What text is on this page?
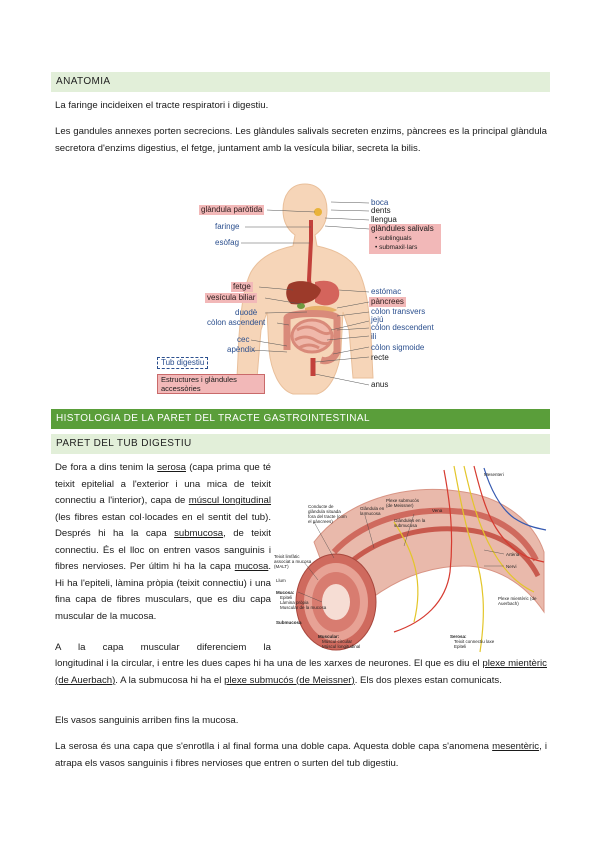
ANATOMIA

La faringe incideixen el tracte respiratori i digestiu.

Les gandules annexes porten secrecions. Les glàndules salivals secreten enzims, pàncrees es la principal glàndula secretora d'enzims digestius, el fetge, juntament amb la vesícula biliar, secreta la bilis.

glàndula paròtida
faringe
esòfag
fetge
vesícula biliar
duodè
còlon ascendent
cec
apèndix
boca
dents
llengua
glàndules salivals
• sublinguals
• submaxil·lars
estómac
pàncrees
còlon transvers
jejú
còlon descendent
ili
còlon sigmoide
recte
anus
Tub digestiu
Estructures i glàndules accessòries
HISTOLOGIA DE LA PARET DEL TRACTE GASTROINTESTINAL
PARET DEL TUB DIGESTIU

De fora a dins tenim la serosa (capa prima que té teixit epitelial a l'exterior i una mica de teixit connectiu a l'interior), capa de múscul longitudinal (les fibres estan col·locades en el sentit del tub). Després hi ha la capa submucosa, de teixit connectiu. És el lloc on entren vasos sanguinis i fibres nervioses. Per últim hi ha la capa mucosa. Hi ha l'epiteli, làmina pròpia (teixit connectiu) i una fina capa de fibres musculars, que es diu capa muscular de la mucosa.

Mesenteri
Plexe submucós (de Meissner)
Vena
Conducte de glàndula situada fora del tracte (com el pàncrees)
Glàndula en la mucosa
Glàndules en la submucosa
Teixit limfàtic associat a mucosa (MALT)
Llum
Mucosa:
Epiteli
Làmina pròpia
Muscular de la mucosa
Submucosa
Artèria
Nervi
Plexe mientèric (de Auerbach)
Muscular:
Múscul circular
Múscul longitudinal
Serosa:
Teixit connectiu laxe
Epiteli

A la capa muscular diferenciem la

longitudinal i la circular, i entre les dues capes hi ha una de les xarxes de neurones. El que es diu el plexe mientèric (de Auerbach). A la submucosa hi ha el plexe submucós (de Meissner). Els dos plexes estan comunicats.

Els vasos sanguinis arriben fins la mucosa.

La serosa és una capa que s'enrotlla i al final forma una doble capa. Aquesta doble capa s'anomena mesentèric, i atrapa els vasos sanguinis i fibres nervioses que entren o surten del tub digestiu.
